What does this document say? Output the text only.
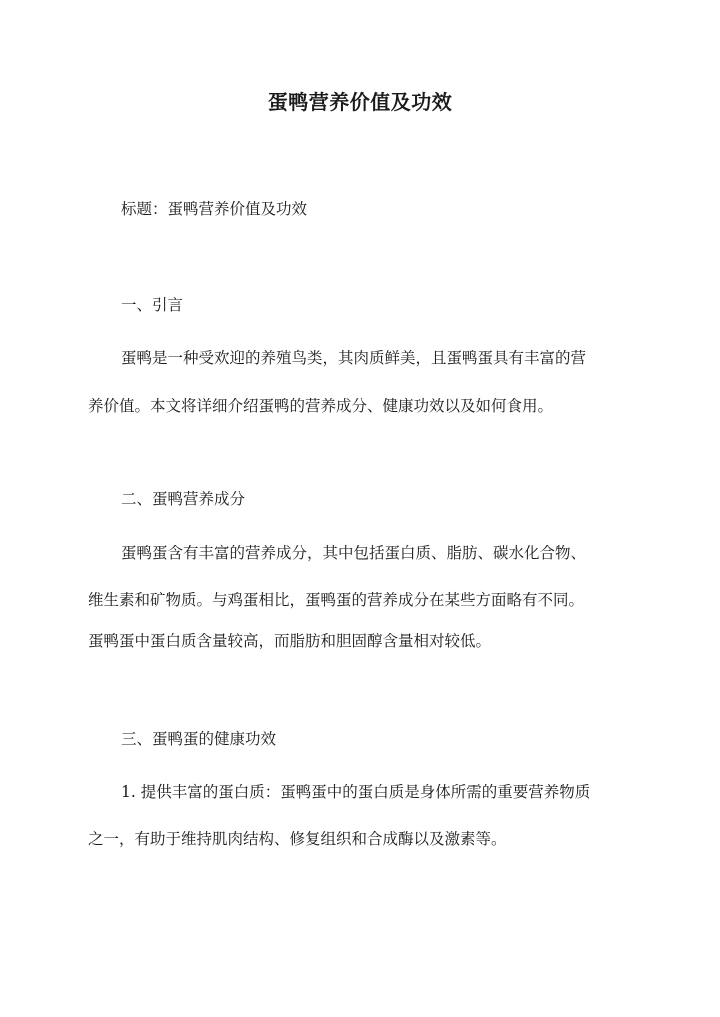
蛋鸭营养价值及功效

标题：蛋鸭营养价值及功效

一、引言

蛋鸭是一种受欢迎的养殖鸟类，其肉质鲜美，且蛋鸭蛋具有丰富的营

养价值。本文将详细介绍蛋鸭的营养成分、健康功效以及如何食用。

二、蛋鸭营养成分

蛋鸭蛋含有丰富的营养成分，其中包括蛋白质、脂肪、碳水化合物、

维生素和矿物质。与鸡蛋相比，蛋鸭蛋的营养成分在某些方面略有不同。

蛋鸭蛋中蛋白质含量较高，而脂肪和胆固醇含量相对较低。

三、蛋鸭蛋的健康功效

1. 提供丰富的蛋白质：蛋鸭蛋中的蛋白质是身体所需的重要营养物质

之一，有助于维持肌肉结构、修复组织和合成酶以及激素等。
